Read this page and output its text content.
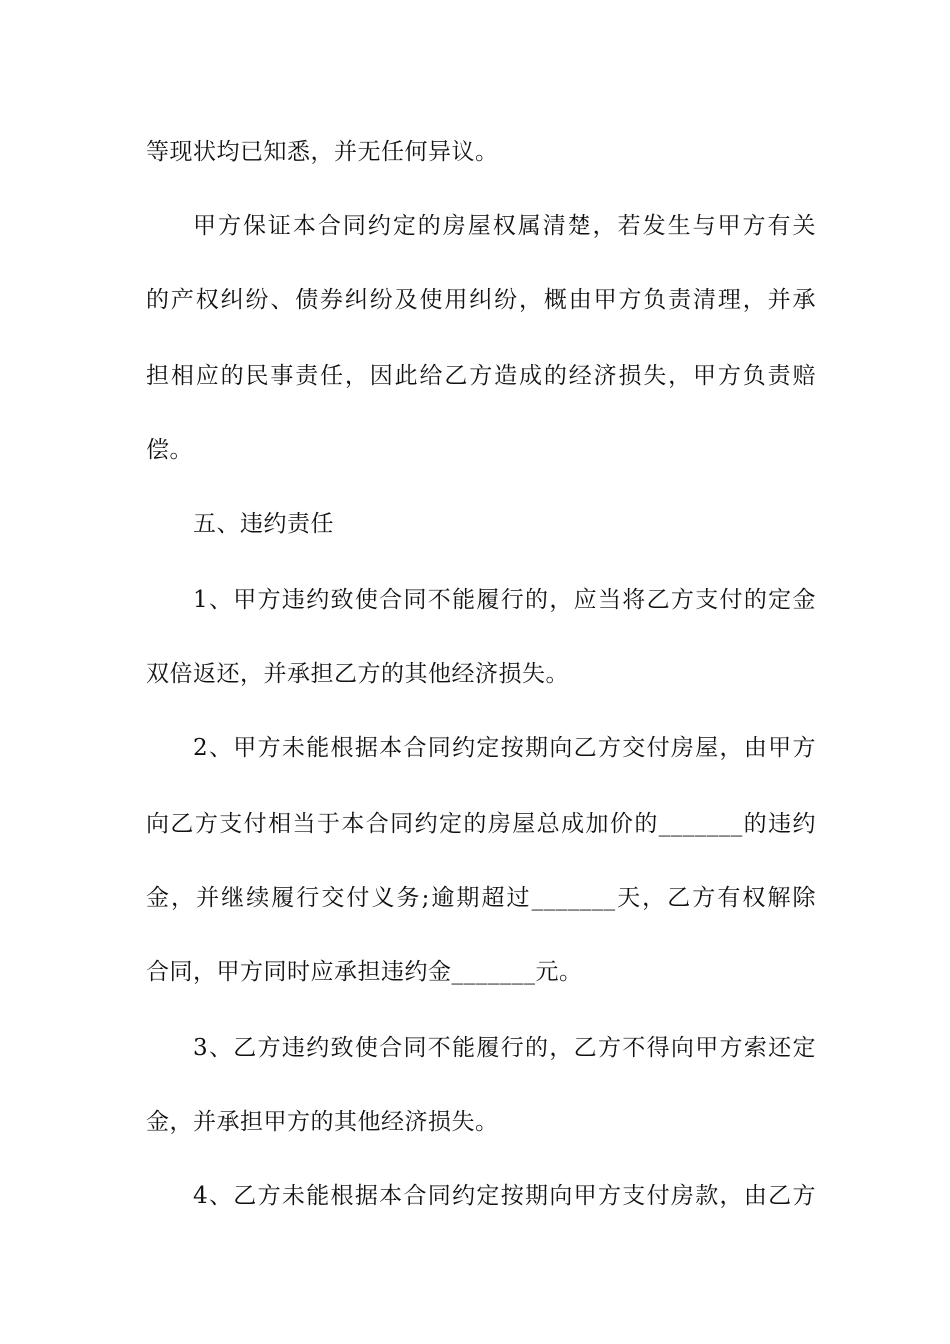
等现状均已知悉，并无任何异议。
甲方保证本合同约定的房屋权属清楚，若发生与甲方有关
的产权纠纷、债券纠纷及使用纠纷，概由甲方负责清理，并承
担相应的民事责任，因此给乙方造成的经济损失，甲方负责赔
偿。
五、违约责任
1、甲方违约致使合同不能履行的，应当将乙方支付的定金
双倍返还，并承担乙方的其他经济损失。
2、甲方未能根据本合同约定按期向乙方交付房屋，由甲方
向乙方支付相当于本合同约定的房屋总成加价的_______的违约
金，并继续履行交付义务;逾期超过_______天，乙方有权解除
合同，甲方同时应承担违约金_______元。
3、乙方违约致使合同不能履行的，乙方不得向甲方索还定
金，并承担甲方的其他经济损失。
4、乙方未能根据本合同约定按期向甲方支付房款，由乙方
